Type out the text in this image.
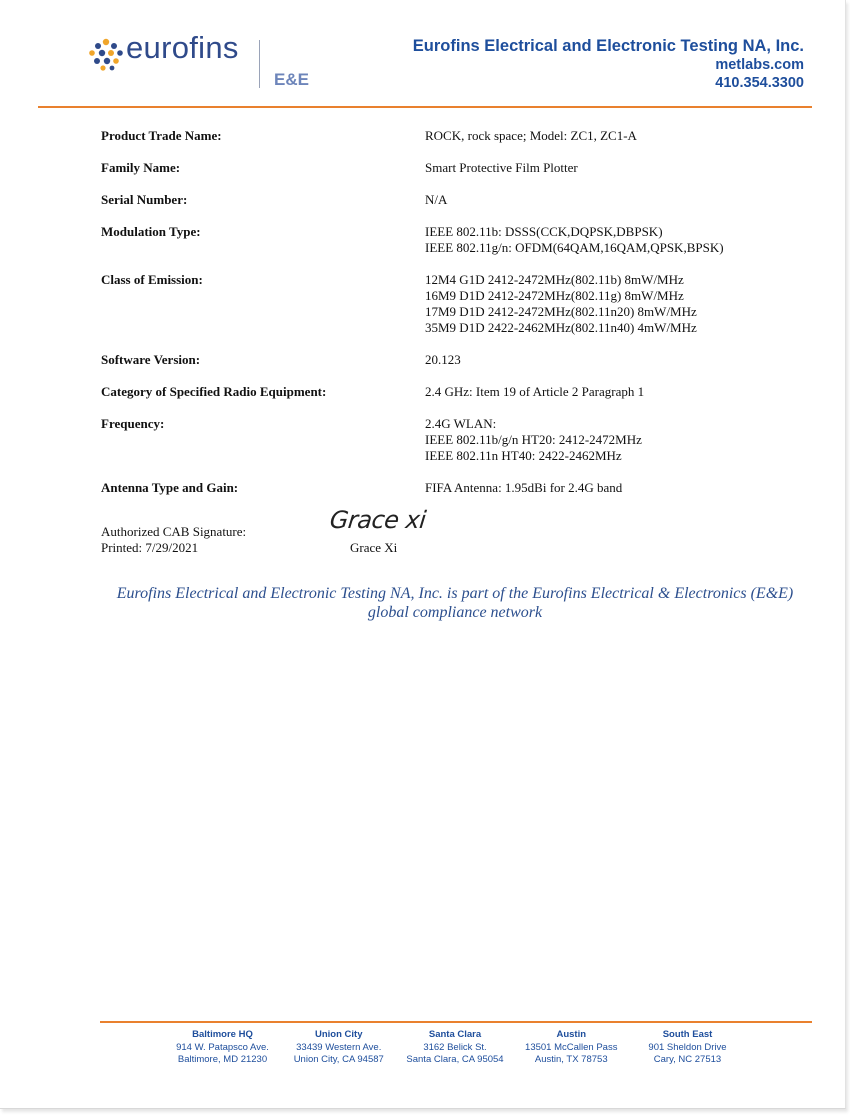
eurofins
E&E
Eurofins Electrical and Electronic Testing NA, Inc.
metlabs.com
410.354.3300
Product Trade Name:	ROCK, rock space; Model: ZC1, ZC1-A
Family Name:	Smart Protective Film Plotter
Serial Number:	N/A
Modulation Type:	IEEE 802.11b: DSSS(CCK,DQPSK,DBPSK)
IEEE 802.11g/n: OFDM(64QAM,16QAM,QPSK,BPSK)
Class of Emission:	12M4 G1D 2412-2472MHz(802.11b) 8mW/MHz
16M9 D1D 2412-2472MHz(802.11g) 8mW/MHz
17M9 D1D 2412-2472MHz(802.11n20) 8mW/MHz
35M9 D1D 2422-2462MHz(802.11n40) 4mW/MHz
Software Version:	20.123
Category of Specified Radio Equipment:	2.4 GHz: Item 19 of Article 2 Paragraph 1
Frequency:	2.4G WLAN:
IEEE 802.11b/g/n HT20: 2412-2472MHz
IEEE 802.11n HT40: 2422-2462MHz
Antenna Type and Gain:	FIFA Antenna: 1.95dBi for 2.4G band
Authorized CAB Signature:
Printed: 7/29/2021
Grace xi
Grace Xi
Eurofins Electrical and Electronic Testing NA, Inc. is part of the Eurofins Electrical & Electronics (E&E)
global compliance network
Baltimore HQ
914 W. Patapsco Ave.
Baltimore, MD 21230
Union City
33439 Western Ave.
Union City, CA 94587
Santa Clara
3162 Belick St.
Santa Clara, CA 95054
Austin
13501 McCallen Pass
Austin, TX 78753
South East
901 Sheldon Drive
Cary, NC 27513
